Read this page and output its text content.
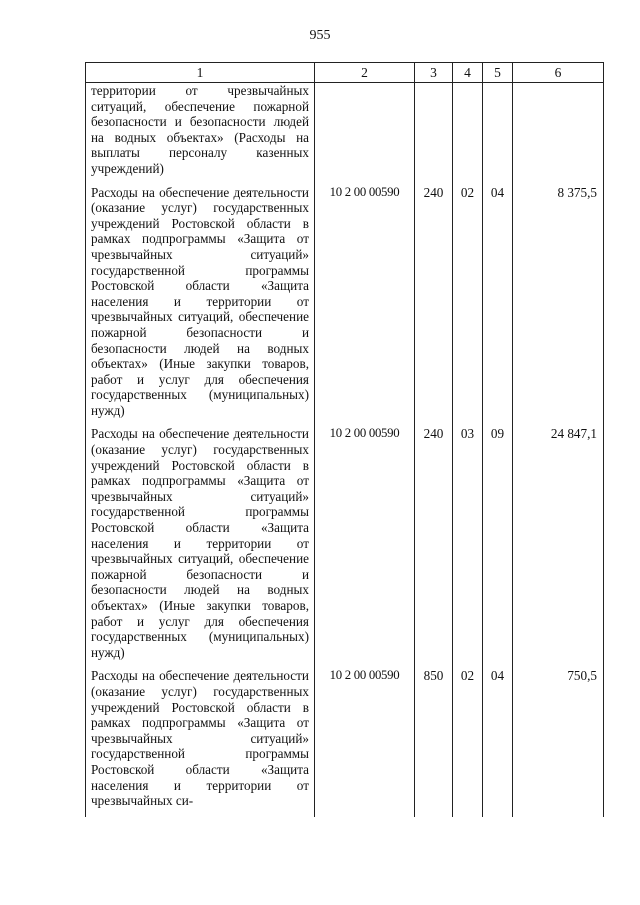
955
1	2	3	4	5	6
территории от чрезвычайных ситуаций, обеспечение пожарной безопасности и безопасности людей на водных объектах» (Расходы на выплаты персоналу казенных учреждений)					
Расходы на обеспечение деятельности (оказание услуг) государственных учреждений Ростовской области в рамках подпрограммы «Защита от чрезвычайных ситуаций» государственной программы Ростовской области «Защита населения и территории от чрезвычайных ситуаций, обеспечение пожарной безопасности и безопасности людей на водных объектах» (Иные закупки товаров, работ и услуг для обеспечения государственных (муниципальных) нужд)	10 2 00 00590	240	02	04	8 375,5
Расходы на обеспечение деятельности (оказание услуг) государственных учреждений Ростовской области в рамках подпрограммы «Защита от чрезвычайных ситуаций» государственной программы Ростовской области «Защита населения и территории от чрезвычайных ситуаций, обеспечение пожарной безопасности и безопасности людей на водных объектах» (Иные закупки товаров, работ и услуг для обеспечения государственных (муниципальных) нужд)	10 2 00 00590	240	03	09	24 847,1
Расходы на обеспечение деятельности (оказание услуг) государственных учреждений Ростовской области в рамках подпрограммы «Защита от чрезвычайных ситуаций» государственной программы Ростовской области «Защита населения и территории от чрезвычайных си-	10 2 00 00590	850	02	04	750,5
